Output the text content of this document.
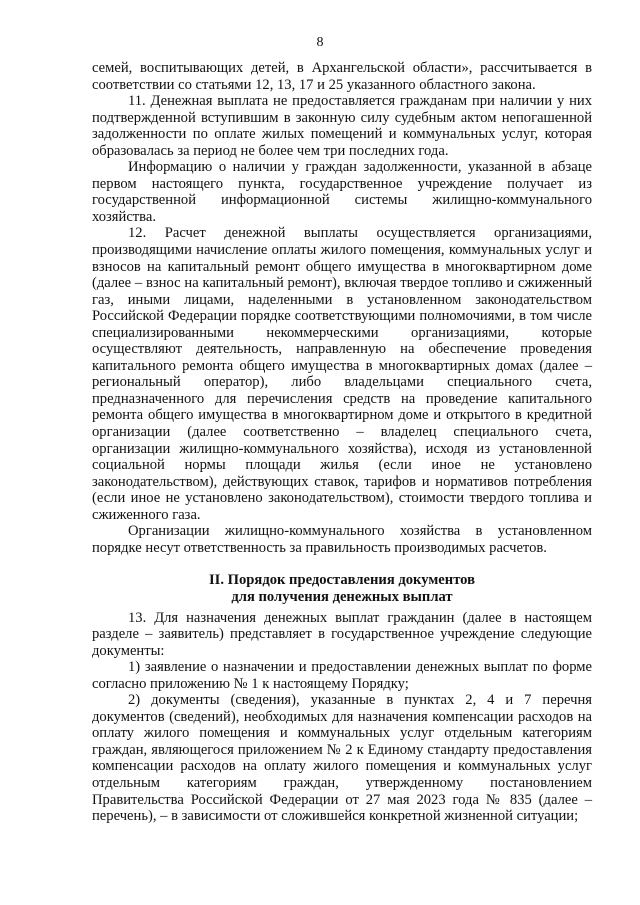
8

семей, воспитывающих детей, в Архангельской области», рассчитывается в соответствии со статьями 12, 13, 17 и 25 указанного областного закона.

11. Денежная выплата не предоставляется гражданам при наличии у них подтвержденной вступившим в законную силу судебным актом непогашенной задолженности по оплате жилых помещений и коммунальных услуг, которая образовалась за период не более чем три последних года.

Информацию о наличии у граждан задолженности, указанной в абзаце первом настоящего пункта, государственное учреждение получает из государственной информационной системы жилищно-коммунального хозяйства.

12. Расчет денежной выплаты осуществляется организациями, производящими начисление оплаты жилого помещения, коммунальных услуг и взносов на капитальный ремонт общего имущества в многоквартирном доме (далее – взнос на капитальный ремонт), включая твердое топливо и сжиженный газ, иными лицами, наделенными в установленном законодательством Российской Федерации порядке соответствующими полномочиями, в том числе специализированными некоммерческими организациями, которые осуществляют деятельность, направленную на обеспечение проведения капитального ремонта общего имущества в многоквартирных домах (далее – региональный оператор), либо владельцами специального счета, предназначенного для перечисления средств на проведение капитального ремонта общего имущества в многоквартирном доме и открытого в кредитной организации (далее соответственно – владелец специального счета, организации жилищно-коммунального хозяйства), исходя из установленной социальной нормы площади жилья (если иное не установлено законодательством), действующих ставок, тарифов и нормативов потребления (если иное не установлено законодательством), стоимости твердого топлива и сжиженного газа.

Организации жилищно-коммунального хозяйства в установленном порядке несут ответственность за правильность производимых расчетов.

II. Порядок предоставления документов
для получения денежных выплат

13. Для назначения денежных выплат гражданин (далее в настоящем разделе – заявитель) представляет в государственное учреждение следующие документы:

1) заявление о назначении и предоставлении денежных выплат по форме согласно приложению № 1 к настоящему Порядку;

2) документы (сведения), указанные в пунктах 2, 4 и 7 перечня документов (сведений), необходимых для назначения компенсации расходов на оплату жилого помещения и коммунальных услуг отдельным категориям граждан, являющегося приложением № 2 к Единому стандарту предоставления компенсации расходов на оплату жилого помещения и коммунальных услуг отдельным категориям граждан, утвержденному постановлением Правительства Российской Федерации от 27 мая 2023 года № 835 (далее – перечень), – в зависимости от сложившейся конкретной жизненной ситуации;
